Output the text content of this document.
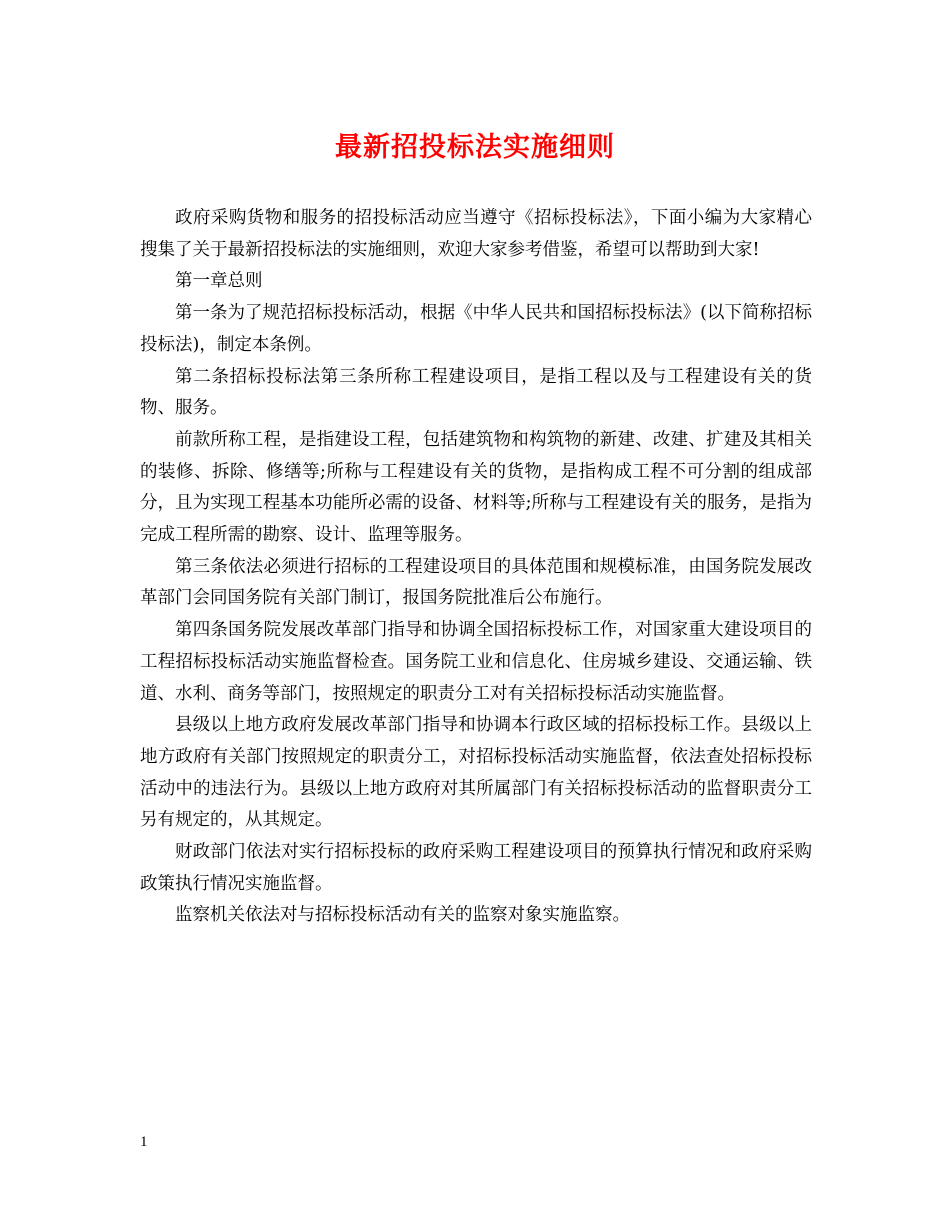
最新招投标法实施细则

政府采购货物和服务的招投标活动应当遵守《招标投标法》，下面小编为大家精心搜集了关于最新招投标法的实施细则，欢迎大家参考借鉴，希望可以帮助到大家!

第一章总则

第一条为了规范招标投标活动，根据《中华人民共和国招标投标法》(以下简称招标投标法)，制定本条例。

第二条招标投标法第三条所称工程建设项目，是指工程以及与工程建设有关的货物、服务。

前款所称工程，是指建设工程，包括建筑物和构筑物的新建、改建、扩建及其相关的装修、拆除、修缮等;所称与工程建设有关的货物，是指构成工程不可分割的组成部分，且为实现工程基本功能所必需的设备、材料等;所称与工程建设有关的服务，是指为完成工程所需的勘察、设计、监理等服务。

第三条依法必须进行招标的工程建设项目的具体范围和规模标准，由国务院发展改革部门会同国务院有关部门制订，报国务院批准后公布施行。

第四条国务院发展改革部门指导和协调全国招标投标工作，对国家重大建设项目的工程招标投标活动实施监督检查。国务院工业和信息化、住房城乡建设、交通运输、铁道、水利、商务等部门，按照规定的职责分工对有关招标投标活动实施监督。

县级以上地方政府发展改革部门指导和协调本行政区域的招标投标工作。县级以上地方政府有关部门按照规定的职责分工，对招标投标活动实施监督，依法查处招标投标活动中的违法行为。县级以上地方政府对其所属部门有关招标投标活动的监督职责分工另有规定的，从其规定。

财政部门依法对实行招标投标的政府采购工程建设项目的预算执行情况和政府采购政策执行情况实施监督。

监察机关依法对与招标投标活动有关的监察对象实施监察。

1
